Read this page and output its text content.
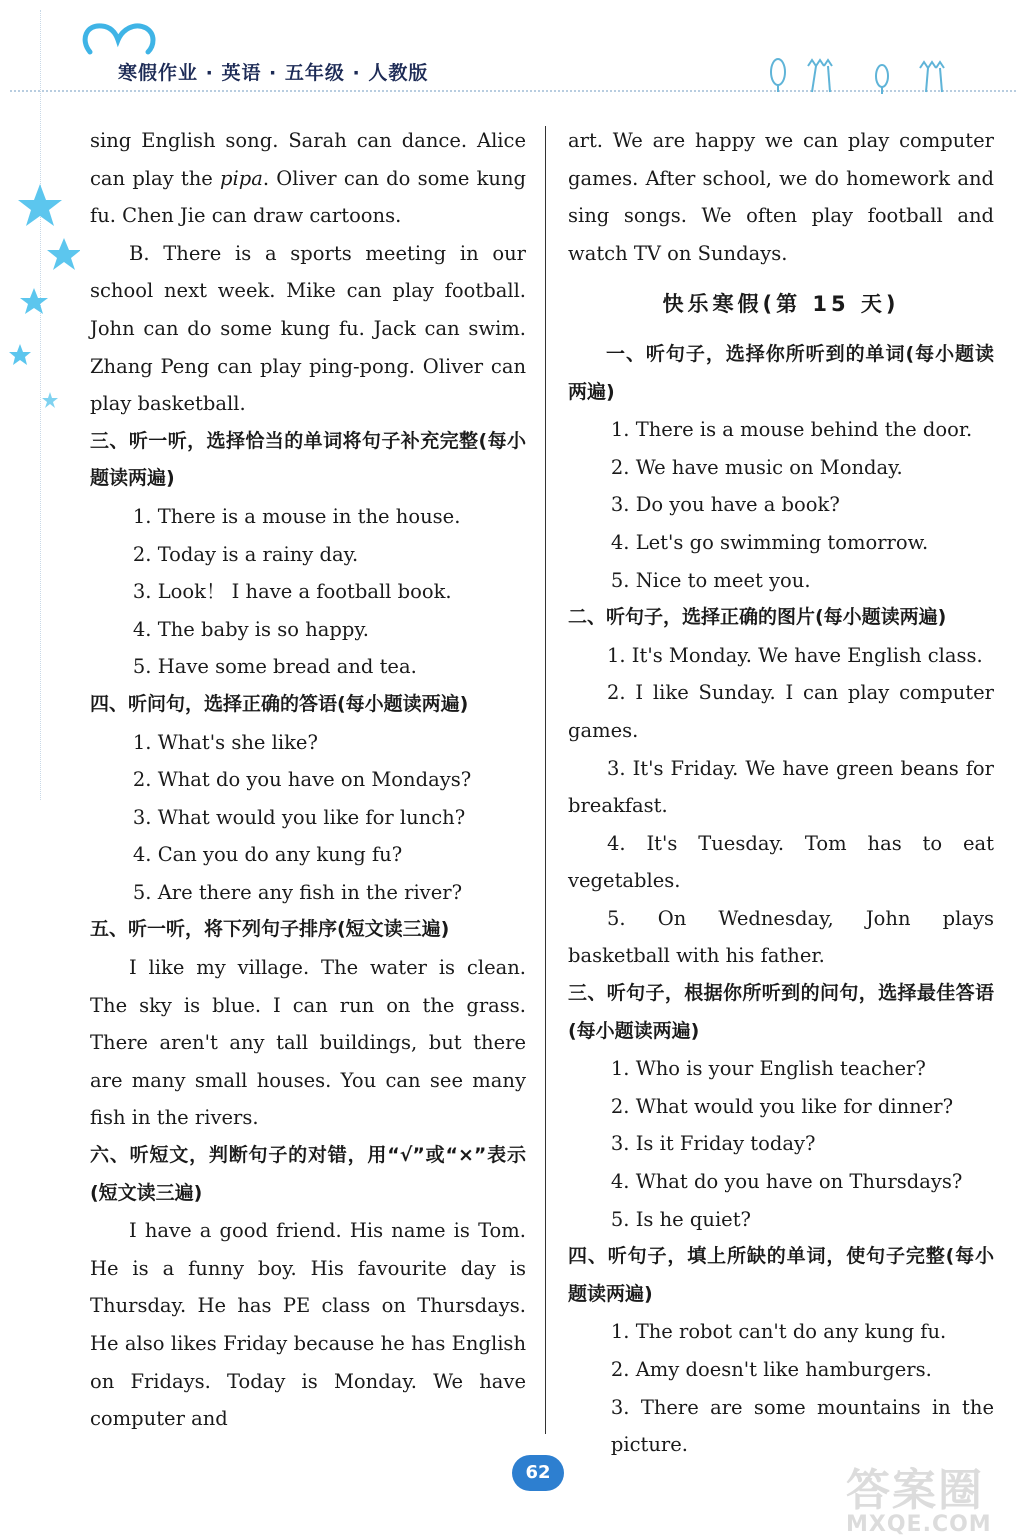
寒假作业 · 英语 · 五年级 · 人教版

sing English song. Sarah can dance. Alice can play the pipa. Oliver can do some kung fu. Chen Jie can draw cartoons.

B. There is a sports meeting in our school next week. Mike can play football. John can do some kung fu. Jack can swim. Zhang Peng can play ping-pong. Oliver can play basketball.

三、听一听，选择恰当的单词将句子补充完整(每小题读两遍)

1. There is a mouse in the house.

2. Today is a rainy day.

3. Look！ I have a football book.

4. The baby is so happy.

5. Have some bread and tea.

四、听问句，选择正确的答语(每小题读两遍)

1. What's she like?

2. What do you have on Mondays?

3. What would you like for lunch?

4. Can you do any kung fu?

5. Are there any fish in the river?

五、听一听，将下列句子排序(短文读三遍)

I like my village. The water is clean. The sky is blue. I can run on the grass. There aren't any tall buildings, but there are many small houses. You can see many fish in the rivers.

六、听短文，判断句子的对错，用“√”或“×”表示(短文读三遍)

I have a good friend. His name is Tom. He is a funny boy. His favourite day is Thursday. He has PE class on Thursdays. He also likes Friday because he has English on Fridays. Today is Monday. We have computer and

art. We are happy we can play computer games. After school, we do homework and sing songs. We often play football and watch TV on Sundays.

快乐寒假(第 15 天)

一、听句子，选择你所听到的单词(每小题读两遍)

1. There is a mouse behind the door.

2. We have music on Monday.

3. Do you have a book?

4. Let's go swimming tomorrow.

5. Nice to meet you.

二、听句子，选择正确的图片(每小题读两遍)

1. It's Monday. We have English class.

2. I like Sunday. I can play computer games.

3. It's Friday. We have green beans for breakfast.

4. It's Tuesday. Tom has to eat vegetables.

5. On Wednesday, John plays basketball with his father.

三、听句子，根据你所听到的问句，选择最佳答语(每小题读两遍)

1. Who is your English teacher?

2. What would you like for dinner?

3. Is it Friday today?

4. What do you have on Thursdays?

5. Is he quiet?

四、听句子，填上所缺的单词，使句子完整(每小题读两遍)

1. The robot can't do any kung fu.

2. Amy doesn't like hamburgers.

3. There are some mountains in the picture.

62	答案圈
MXQE.COM
